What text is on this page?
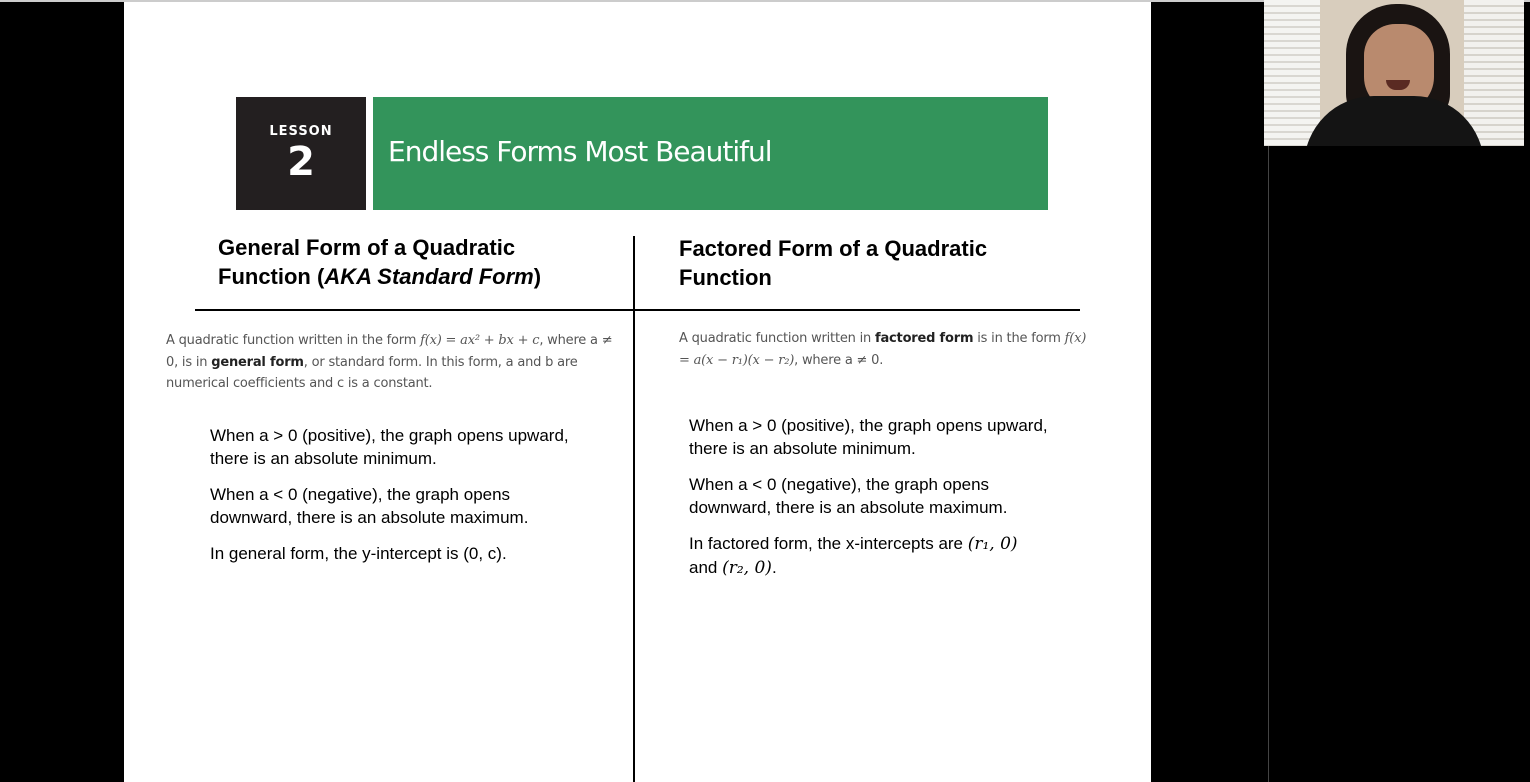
LESSON
2	Endless Forms Most Beautiful
General Form of a Quadratic
Function (AKA Standard Form)
Factored Form of a Quadratic
Function
A quadratic function written in the form f(x) = ax² + bx + c, where a ≠ 0, is in general form, or standard form. In this form, a and b are numerical coefficients and c is a constant.
A quadratic function written in factored form is in the form f(x) = a(x − r₁)(x − r₂), where a ≠ 0.

When a > 0 (positive), the graph opens upward, there is an absolute minimum.

When a < 0 (negative), the graph opens downward, there is an absolute maximum.

In general form, the y-intercept is (0, c).

When a > 0 (positive), the graph opens upward, there is an absolute minimum.

When a < 0 (negative), the graph opens downward, there is an absolute maximum.

In factored form, the x-intercepts are (r₁, 0)
and (r₂, 0).
